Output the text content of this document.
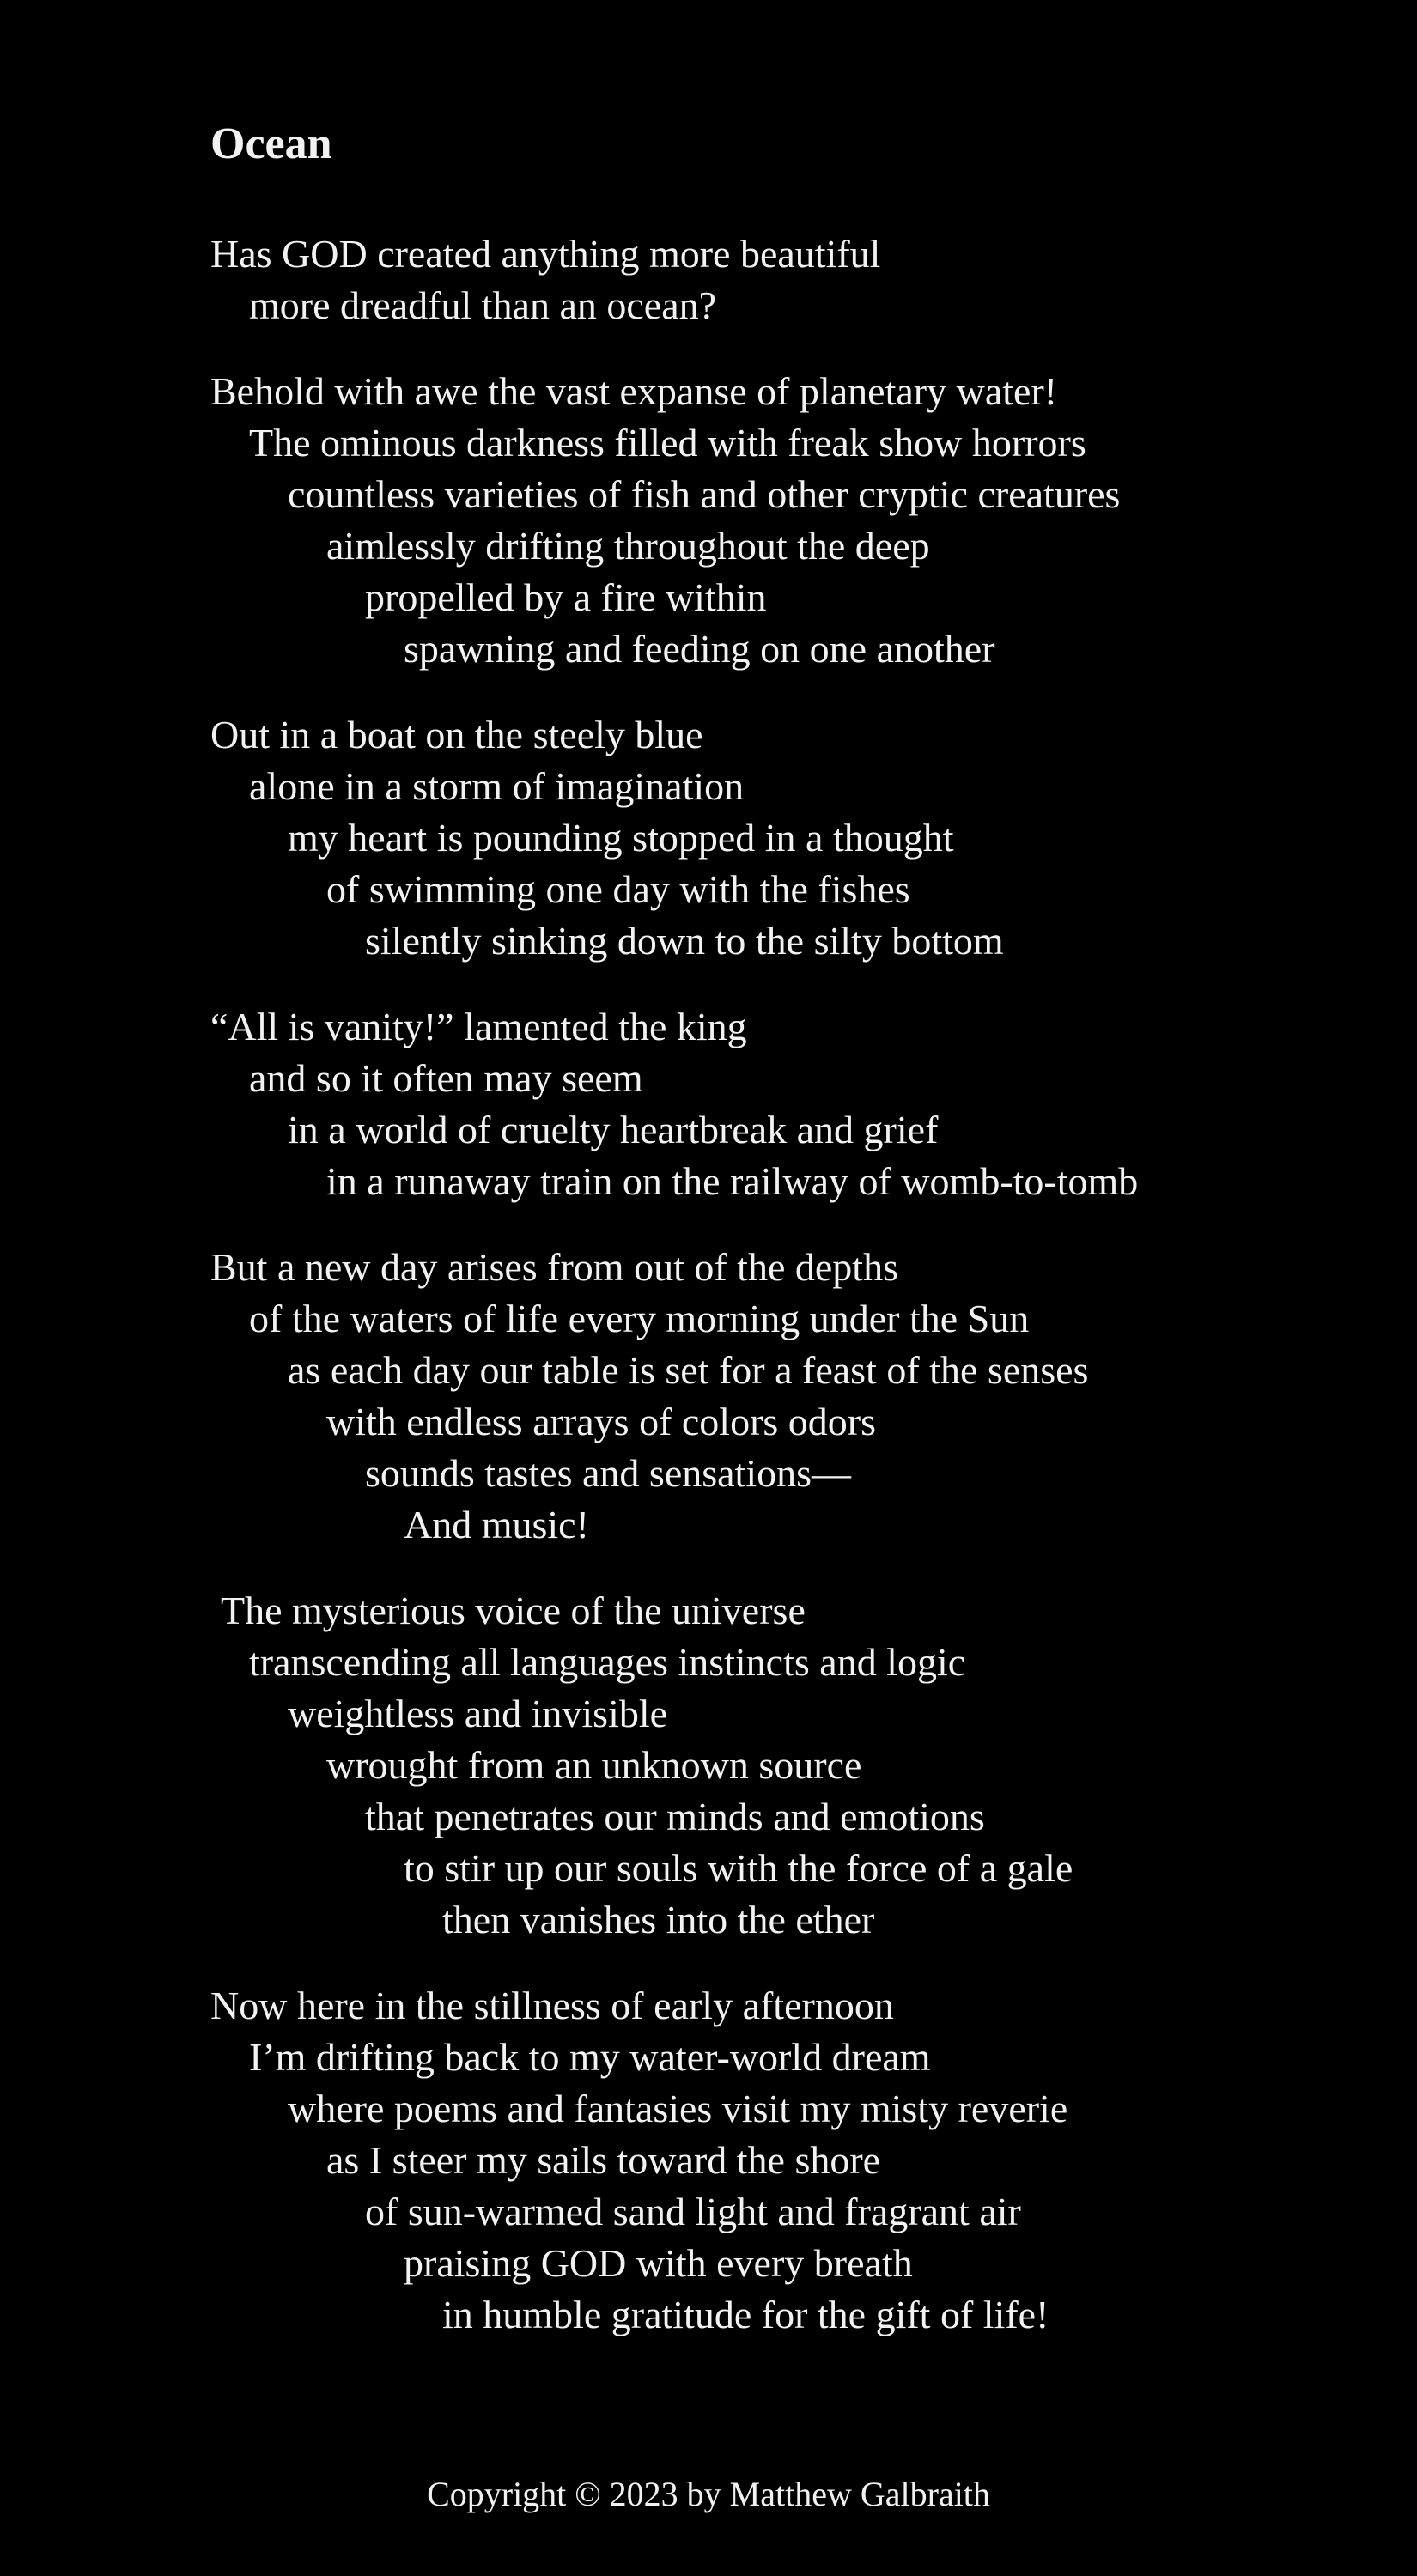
Ocean
Has GOD created anything more beautiful
more dreadful than an ocean?
Behold with awe the vast expanse of planetary water!
The ominous darkness filled with freak show horrors
countless varieties of fish and other cryptic creatures
aimlessly drifting throughout the deep
propelled by a fire within
spawning and feeding on one another
Out in a boat on the steely blue
alone in a storm of imagination
my heart is pounding stopped in a thought
of swimming one day with the fishes
silently sinking down to the silty bottom
“All is vanity!” lamented the king
and so it often may seem
in a world of cruelty heartbreak and grief
in a runaway train on the railway of womb-to-tomb
But a new day arises from out of the depths
of the waters of life every morning under the Sun
as each day our table is set for a feast of the senses
with endless arrays of colors odors
sounds tastes and sensations—
And music!
The mysterious voice of the universe
transcending all languages instincts and logic
weightless and invisible
wrought from an unknown source
that penetrates our minds and emotions
to stir up our souls with the force of a gale
then vanishes into the ether
Now here in the stillness of early afternoon
I’m drifting back to my water-world dream
where poems and fantasies visit my misty reverie
as I steer my sails toward the shore
of sun-warmed sand light and fragrant air
praising GOD with every breath
in humble gratitude for the gift of life!
Copyright © 2023 by Matthew Galbraith
